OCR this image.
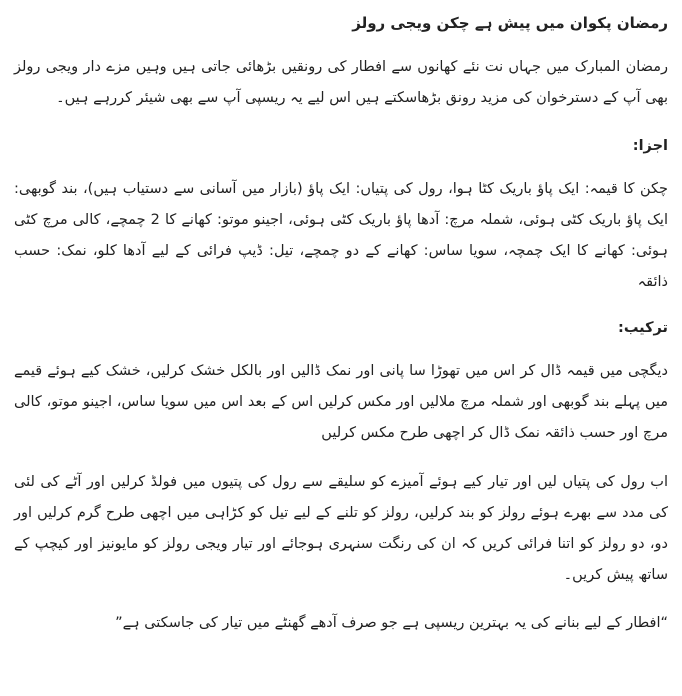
رمضان پکوان میں پیش ہے چکن ویجی رولز

رمضان المبارک میں جہاں نت نئے کھانوں سے افطار کی رونقیں بڑھائی جاتی ہیں وہیں مزے دار ویجی رولز بھی آپ کے دسترخوان کی مزید رونق بڑھاسکتے ہیں اس لیے یہ ریسپی آپ سے بھی شیئر کررہے ہیں۔

اجزا:

چکن کا قیمہ: ایک پاؤ باریک کٹا ہوا، رول کی پتیاں: ایک پاؤ (بازار میں آسانی سے دستیاب ہیں)، بند گوبھی: ایک پاؤ باریک کٹی ہوئی، شملہ مرچ: آدھا پاؤ باریک کٹی ہوئی، اجینو موتو: کھانے کا 2 چمچے، کالی مرچ کٹی ہوئی: کھانے کا ایک چمچہ، سویا ساس: کھانے کے دو چمچے، تیل: ڈیپ فرائی کے لیے آدھا کلو، نمک: حسب ذائقہ

ترکیب:

دیگچی میں قیمہ ڈال کر اس میں تھوڑا سا پانی اور نمک ڈالیں اور بالکل خشک کرلیں، خشک کیے ہوئے قیمے میں پہلے بند گوبھی اور شملہ مرچ ملالیں اور مکس کرلیں اس کے بعد اس میں سویا ساس، اجینو موتو، کالی مرچ اور حسب ذائقہ نمک ڈال کر اچھی طرح مکس کرلیں

اب رول کی پتیاں لیں اور تیار کیے ہوئے آمیزے کو سلیقے سے رول کی پتیوں میں فولڈ کرلیں اور آٹے کی لئی کی مدد سے بھرے ہوئے رولز کو بند کرلیں، رولز کو تلنے کے لیے تیل کو کڑاہی میں اچھی طرح گرم کرلیں اور دو، دو رولز کو اتنا فرائی کریں کہ ان کی رنگت سنہری ہوجائے اور تیار ویجی رولز کو مایونیز اور کیچپ کے ساتھ پیش کریں۔

“افطار کے لیے بنانے کی یہ بہترین ریسپی ہے جو صرف آدھے گھنٹے میں تیار کی جاسکتی ہے”
